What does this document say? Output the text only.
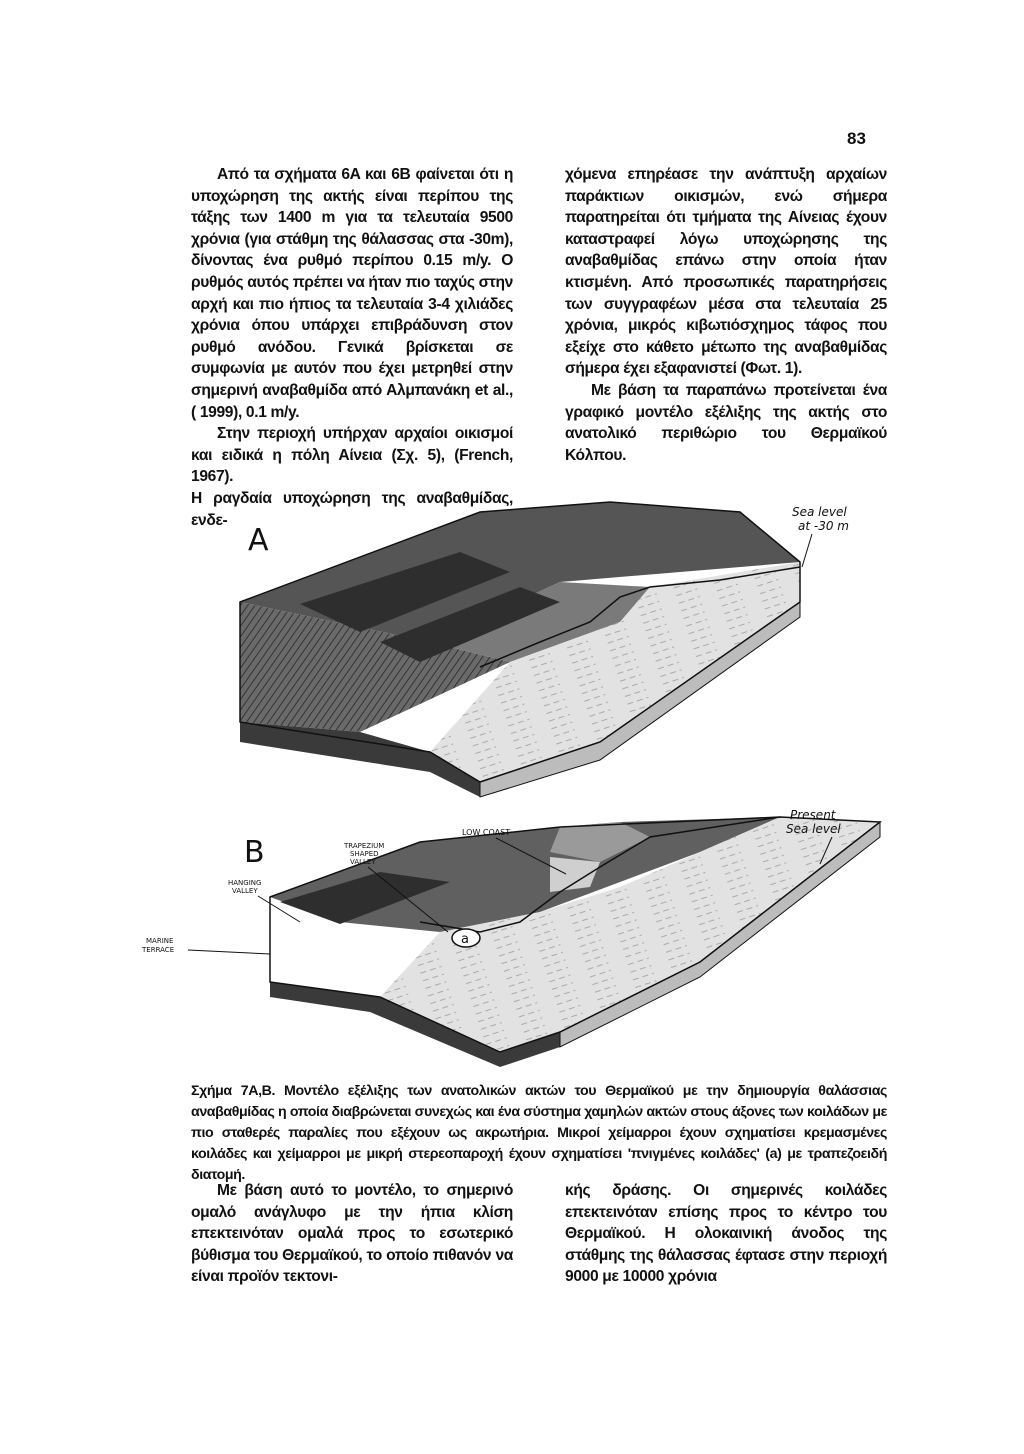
83

Από τα σχήματα 6A και 6B φαίνεται ότι η υποχώρηση της ακτής είναι περίπου της τάξης των 1400 m για τα τελευταία 9500 χρόνια (για στάθμη της θάλασσας στα -30m), δίνοντας ένα ρυθμό περίπου 0.15 m/y. Ο ρυθμός αυτός πρέπει να ήταν πιο ταχύς στην αρχή και πιο ήπιος τα τελευταία 3-4 χιλιάδες χρόνια όπου υπάρχει επιβράδυνση στον ρυθμό ανόδου. Γενικά βρίσκεται σε συμφωνία με αυτόν που έχει μετρηθεί στην σημερινή αναβαθμίδα από Αλμπανάκη et al.,( 1999), 0.1 m/y.

Στην περιοχή υπήρχαν αρχαίοι οικισμοί και ειδικά η πόλη Αίνεια (Σχ. 5), (French, 1967).

Η ραγδαία υποχώρηση της αναβαθμίδας, ενδε-

χόμενα επηρέασε την ανάπτυξη αρχαίων παράκτιων οικισμών, ενώ σήμερα παρατηρείται ότι τμήματα της Αίνειας έχουν καταστραφεί λόγω υποχώρησης της αναβαθμίδας επάνω στην οποία ήταν κτισμένη. Από προσωπικές παρατηρήσεις των συγγραφέων μέσα στα τελευταία 25 χρόνια, μικρός κιβωτιόσχημος τάφος που εξείχε στο κάθετο μέτωπο της αναβαθμίδας σήμερα έχει εξαφανιστεί (Φωτ. 1).

Με βάση τα παραπάνω προτείνεται ένα γραφικό μοντέλο εξέλιξης της ακτής στο ανατολικό περιθώριο του Θερμαϊκού Κόλπου.

A
Sea level
at -30 m
a
B
Present
Sea level
LOW COAST
TRAPEZIUM
SHAPED
VALLEY
HANGING
VALLEY
MARINE
TERRACE
Σχήμα 7A,B. Μοντέλο εξέλιξης των ανατολικών ακτών του Θερμαϊκού με την δημιουργία θαλάσσιας αναβαθμίδας η οποία διαβρώνεται συνεχώς και ένα σύστημα χαμηλών ακτών στους άξονες των κοιλάδων με πιο σταθερές παραλίες που εξέχουν ως ακρωτήρια. Μικροί χείμαρροι έχουν σχηματίσει κρεμασμένες κοιλάδες και χείμαρροι με μικρή στερεοπαροχή έχουν σχηματίσει 'πνιγμένες κοιλάδες' (a) με τραπεζοειδή διατομή.

Με βάση αυτό το μοντέλο, το σημερινό ομαλό ανάγλυφο με την ήπια κλίση επεκτεινόταν ομαλά προς το εσωτερικό βύθισμα του Θερμαϊκού, το οποίο πιθανόν να είναι προϊόν τεκτονι-

κής δράσης. Οι σημερινές κοιλάδες επεκτεινόταν επίσης προς το κέντρο του Θερμαϊκού. Η ολοκαινική άνοδος της στάθμης της θάλασσας έφτασε στην περιοχή 9000 με 10000 χρόνια
